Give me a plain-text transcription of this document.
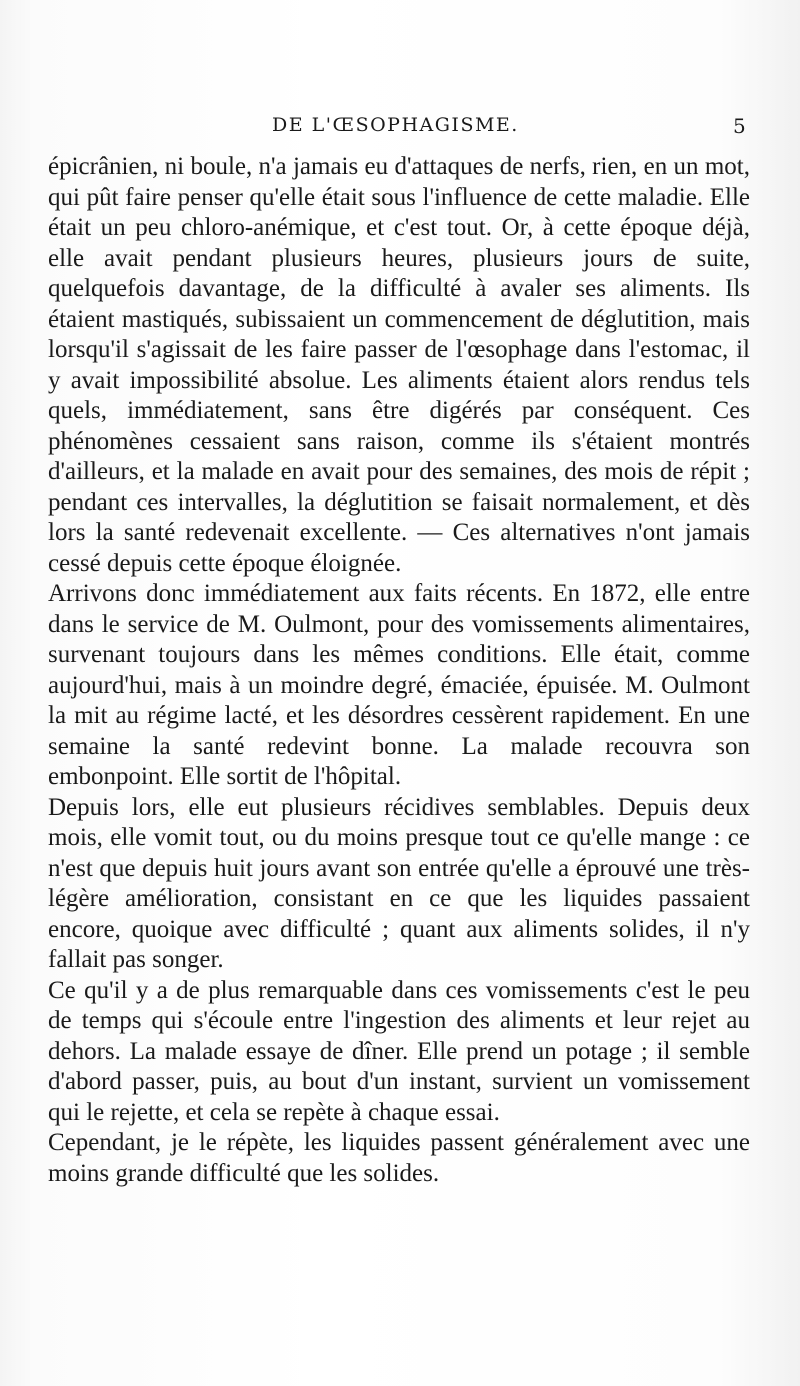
DE L'ŒSOPHAGISME.	5

épicrânien, ni boule, n'a jamais eu d'attaques de nerfs, rien, en un mot, qui pût faire penser qu'elle était sous l'influence de cette maladie. Elle était un peu chloro-anémique, et c'est tout. Or, à cette époque déjà, elle avait pendant plusieurs heures, plusieurs jours de suite, quelquefois davantage, de la difficulté à avaler ses aliments. Ils étaient mastiqués, subissaient un commencement de déglutition, mais lorsqu'il s'agissait de les faire passer de l'œsophage dans l'estomac, il y avait impossibilité absolue. Les aliments étaient alors rendus tels quels, immédiatement, sans être digérés par conséquent. Ces phénomènes cessaient sans raison, comme ils s'étaient montrés d'ailleurs, et la malade en avait pour des semaines, des mois de répit ; pendant ces intervalles, la déglutition se faisait normalement, et dès lors la santé redevenait excellente. — Ces alternatives n'ont jamais cessé depuis cette époque éloignée.

Arrivons donc immédiatement aux faits récents. En 1872, elle entre dans le service de M. Oulmont, pour des vomissements alimentaires, survenant toujours dans les mêmes conditions. Elle était, comme aujourd'hui, mais à un moindre degré, émaciée, épuisée. M. Oulmont la mit au régime lacté, et les désordres cessèrent rapidement. En une semaine la santé redevint bonne. La malade recouvra son embonpoint. Elle sortit de l'hôpital.

Depuis lors, elle eut plusieurs récidives semblables. Depuis deux mois, elle vomit tout, ou du moins presque tout ce qu'elle mange : ce n'est que depuis huit jours avant son entrée qu'elle a éprouvé une très-légère amélioration, consistant en ce que les liquides passaient encore, quoique avec difficulté ; quant aux aliments solides, il n'y fallait pas songer.

Ce qu'il y a de plus remarquable dans ces vomissements c'est le peu de temps qui s'écoule entre l'ingestion des aliments et leur rejet au dehors. La malade essaye de dîner. Elle prend un potage ; il semble d'abord passer, puis, au bout d'un instant, survient un vomissement qui le rejette, et cela se repète à chaque essai.

Cependant, je le répète, les liquides passent généralement avec une moins grande difficulté que les solides.
